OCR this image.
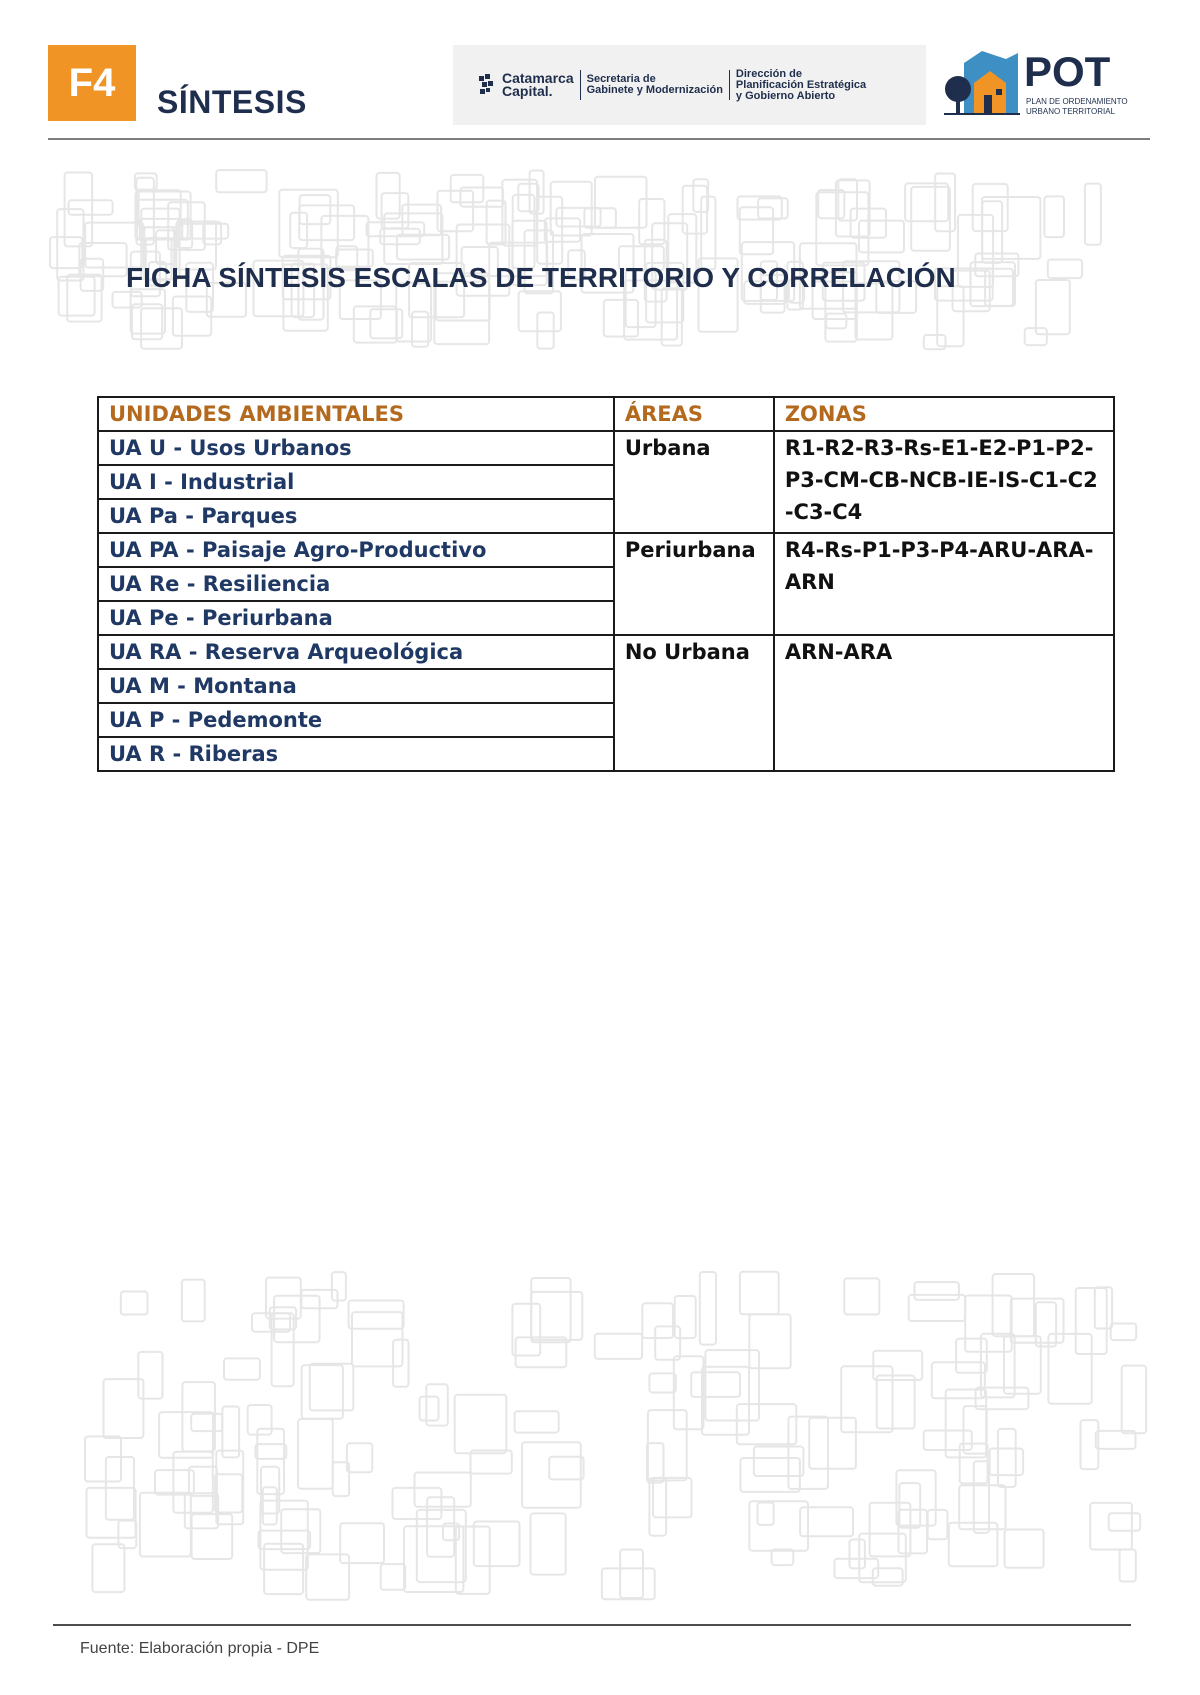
F4	SÍNTESIS
Catamarca
Capital.
Secretaria de
Gabinete y Modernización
Dirección de
Planificación Estratégica
y Gobierno Abierto
POT
PLAN DE ORDENAMIENTO
URBANO TERRITORIAL
FICHA SÍNTESIS ESCALAS DE TERRITORIO Y CORRELACIÓN
UNIDADES AMBIENTALES	ÁREAS	ZONAS
UA U - Usos Urbanos	Urbana	R1-R2-R3-Rs-E1-E2-P1-P2-P3-CM-CB-NCB-IE-IS-C1-C2-C3-C4
UA I - Industrial		
UA Pa - Parques		
UA PA - Paisaje Agro-Productivo	Periurbana	R4-Rs-P1-P3-P4-ARU-ARA-ARN
UA Re - Resiliencia		
UA Pe - Periurbana		
UA RA - Reserva Arqueológica	No Urbana	ARN-ARA
UA M - Montana		
UA P - Pedemonte		
UA R - Riberas		
Fuente: Elaboración propia - DPE
